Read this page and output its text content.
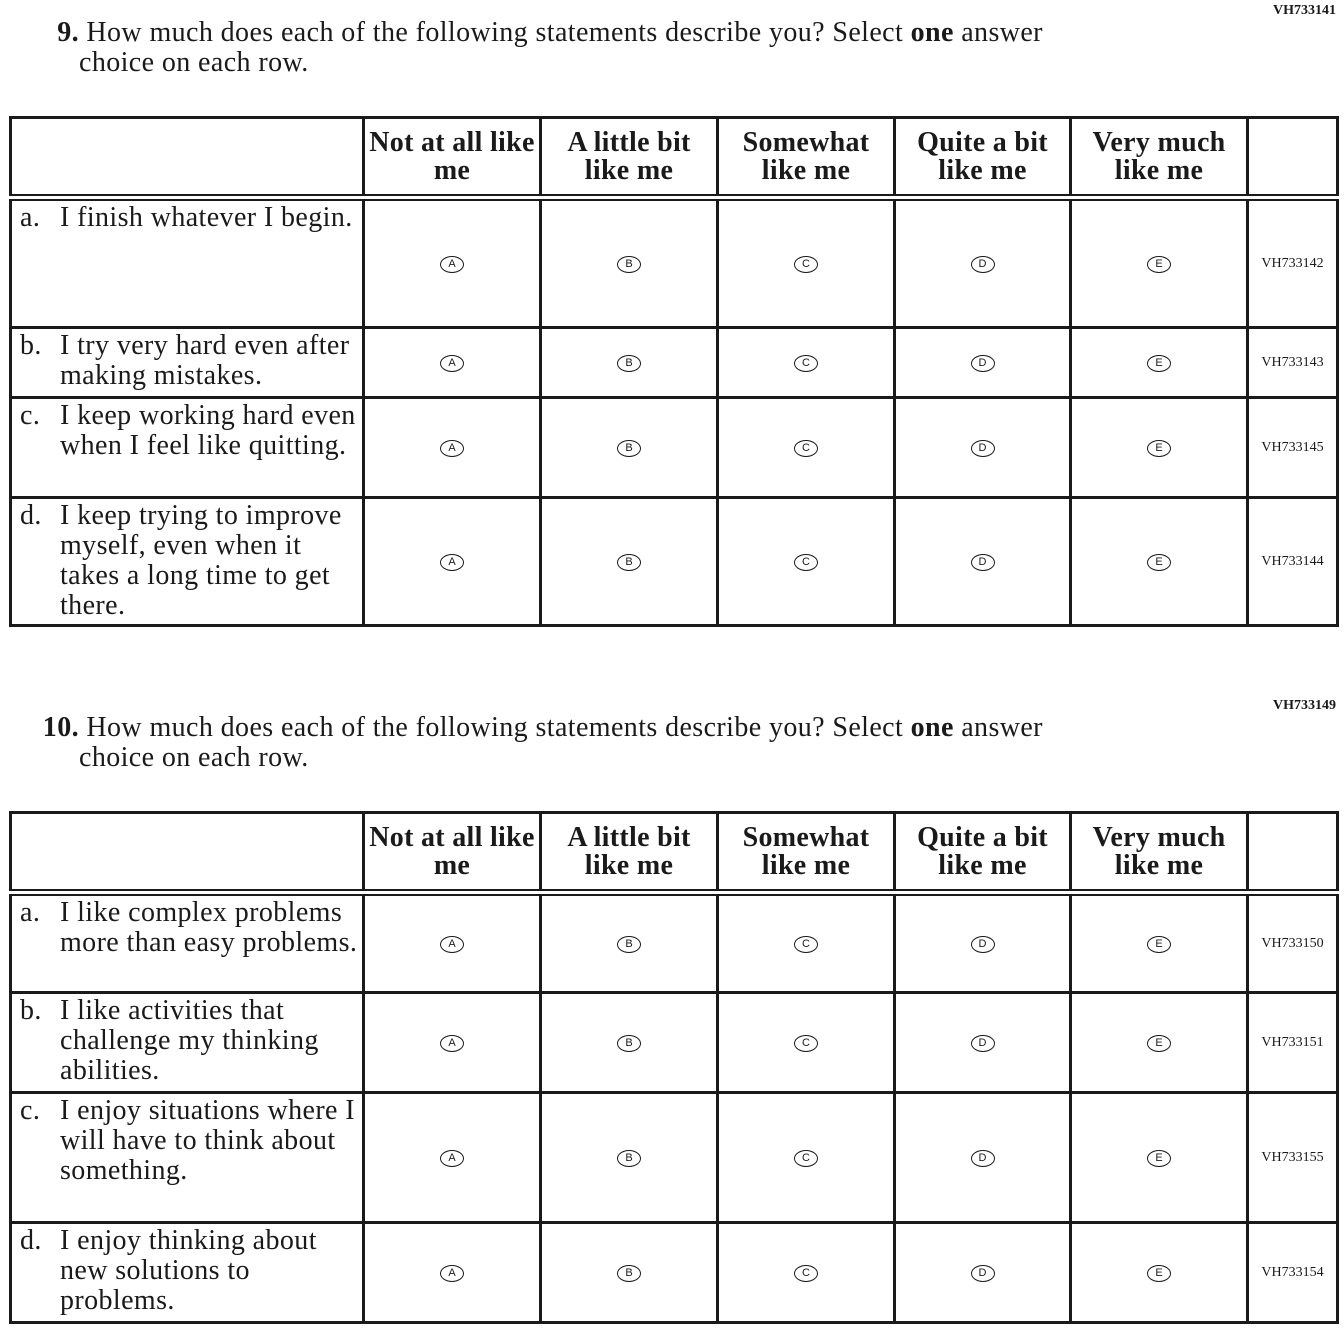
VH733141
9. How much does each of the following statements describe you? Select one answer
choice on each row.
	Not at all like me	A little bit like me	Somewhat like me	Quite a bit like me	Very much like me	
a. I finish whatever I begin.	A	B	C	D	E	VH733142
b. I try very hard even after making mistakes.	A	B	C	D	E	VH733143
c. I keep working hard even when I feel like quitting.	A	B	C	D	E	VH733145
d. I keep trying to improve myself, even when it takes a long time to get there.	A	B	C	D	E	VH733144
VH733149
10. How much does each of the following statements describe you? Select one answer
choice on each row.
	Not at all like me	A little bit like me	Somewhat like me	Quite a bit like me	Very much like me	
a. I like complex problems more than easy problems.	A	B	C	D	E	VH733150
b. I like activities that challenge my thinking abilities.	A	B	C	D	E	VH733151
c. I enjoy situations where I will have to think about something.	A	B	C	D	E	VH733155
d. I enjoy thinking about new solutions to problems.	A	B	C	D	E	VH733154
